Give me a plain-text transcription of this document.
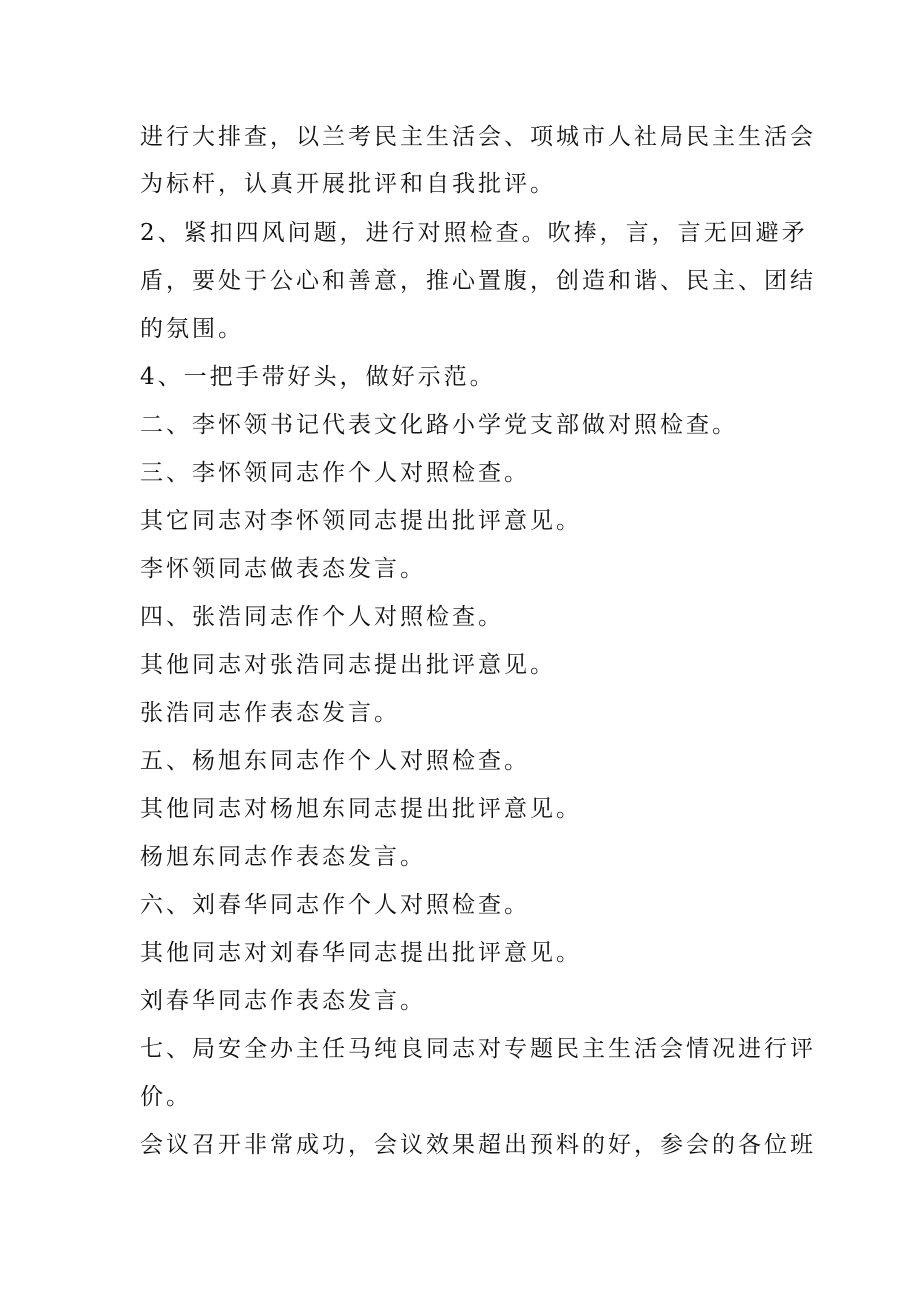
进行大排查，以兰考民主生活会、项城市人社局民主生活会

为标杆，认真开展批评和自我批评。

2、紧扣四风问题，进行对照检查。吹捧，言，言无回避矛

盾，要处于公心和善意，推心置腹，创造和谐、民主、团结

的氛围。

4、一把手带好头，做好示范。

二、李怀领书记代表文化路小学党支部做对照检查。

三、李怀领同志作个人对照检查。

其它同志对李怀领同志提出批评意见。

李怀领同志做表态发言。

四、张浩同志作个人对照检查。

其他同志对张浩同志提出批评意见。

张浩同志作表态发言。

五、杨旭东同志作个人对照检查。

其他同志对杨旭东同志提出批评意见。

杨旭东同志作表态发言。

六、刘春华同志作个人对照检查。

其他同志对刘春华同志提出批评意见。

刘春华同志作表态发言。

七、局安全办主任马纯良同志对专题民主生活会情况进行评

价。

会议召开非常成功，会议效果超出预料的好，参会的各位班
